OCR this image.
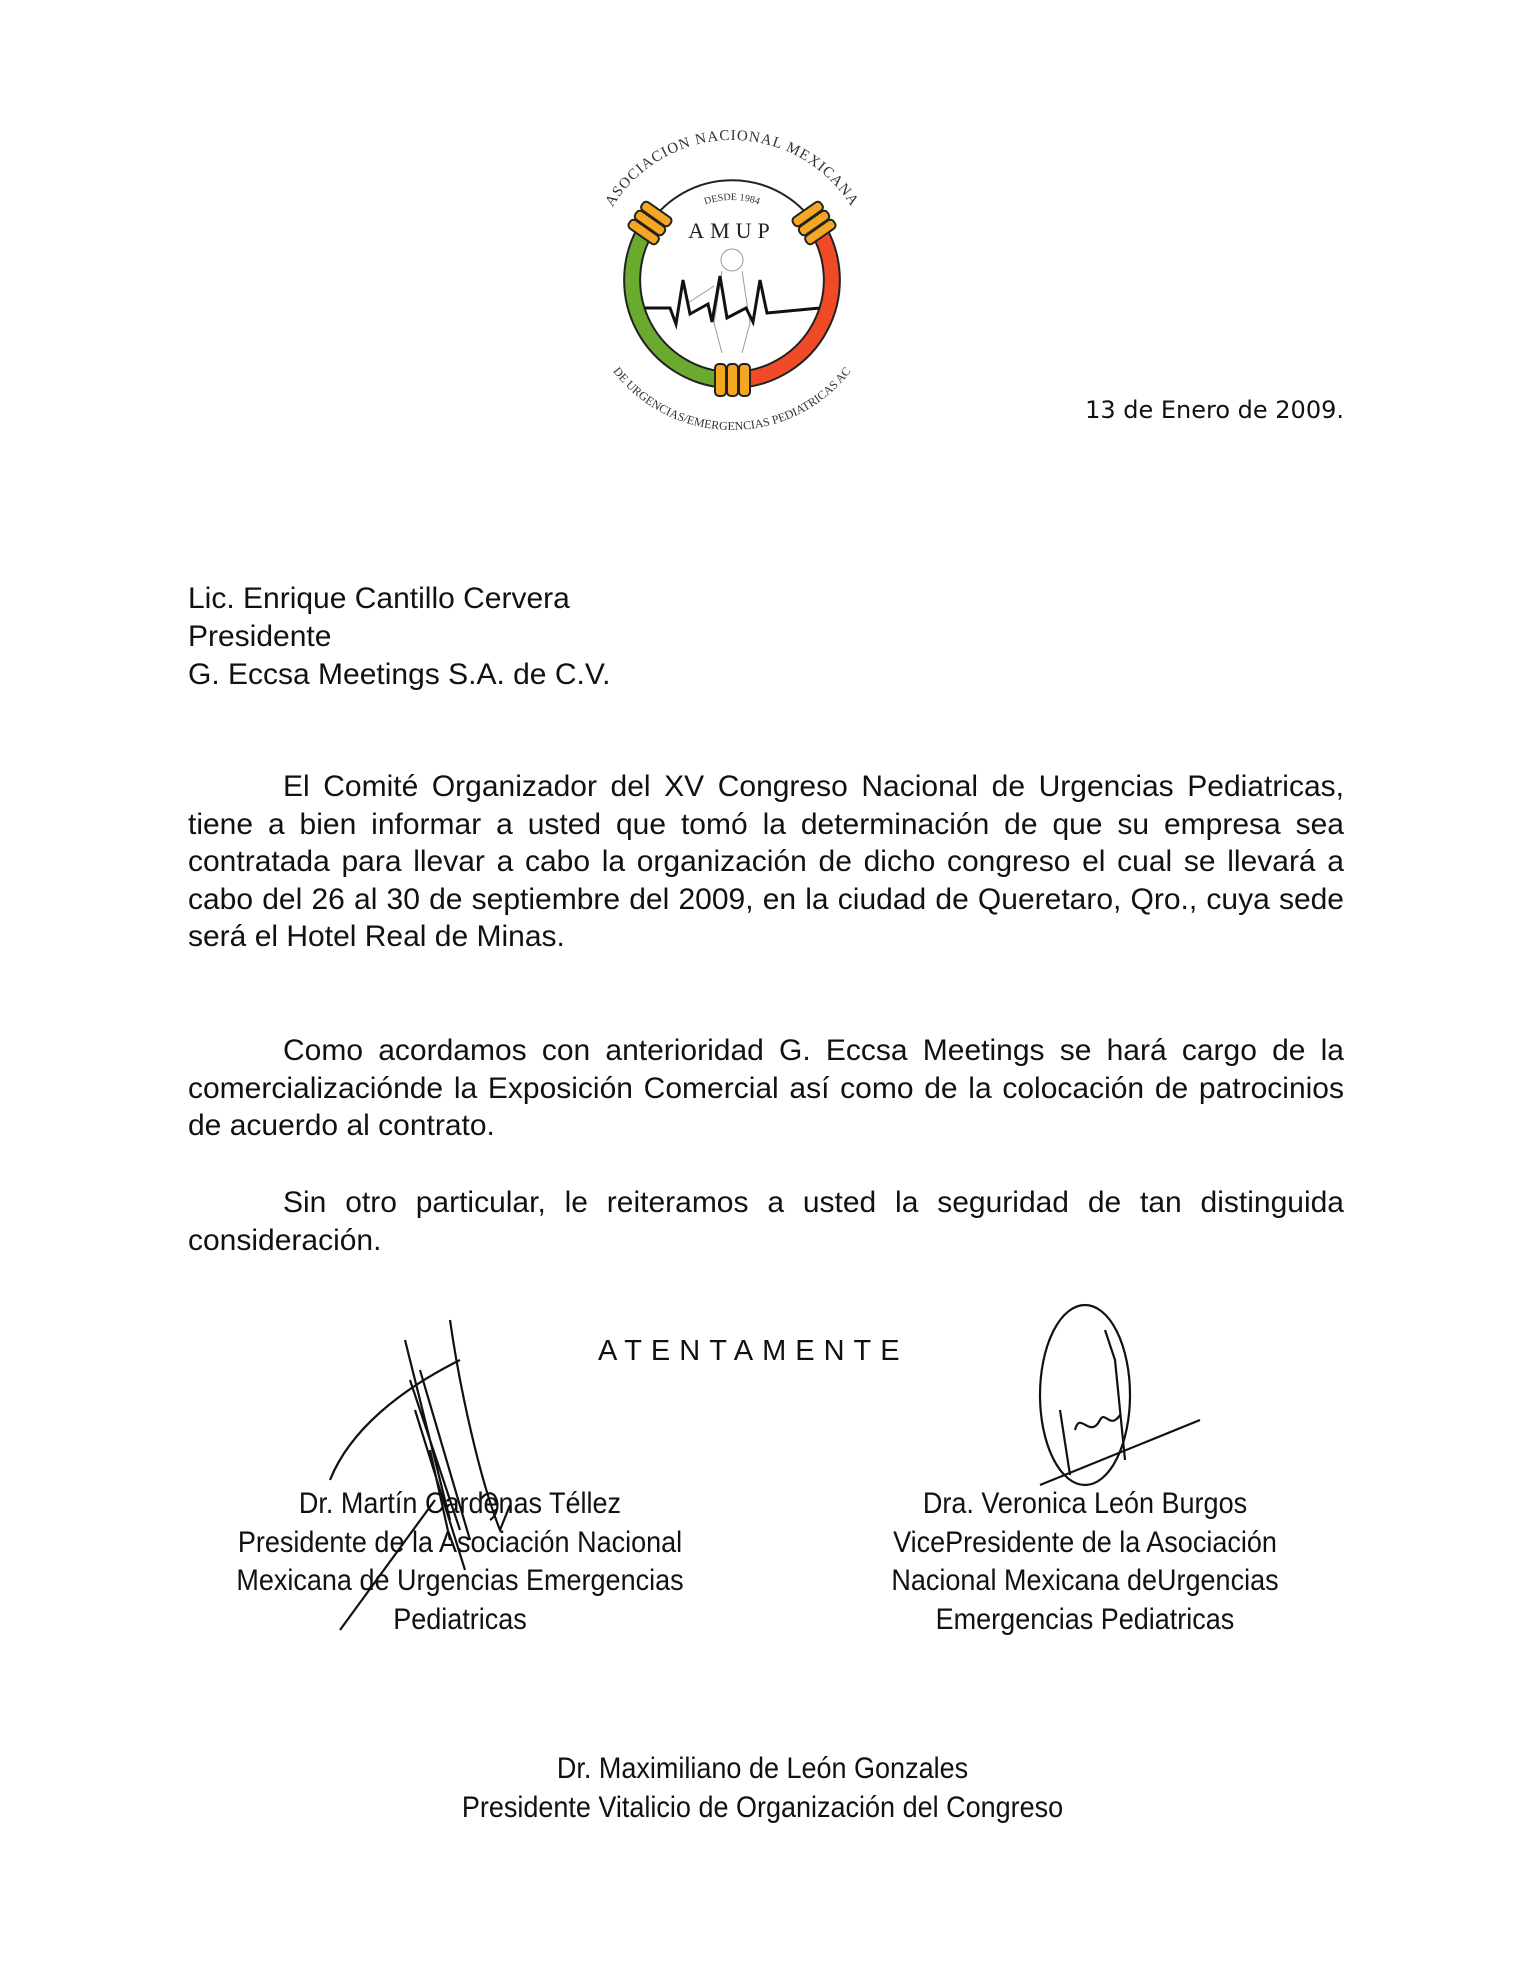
ASOCIACION NACIONAL MEXICANA
DESDE 1984
DE URGENCIAS/EMERGENCIAS PEDIATRICAS AC
AMUP
13 de Enero de 2009.
Lic. Enrique Cantillo Cervera
Presidente
G. Eccsa Meetings S.A. de C.V.
El Comité Organizador del XV Congreso Nacional de Urgencias Pediatricas, tiene a bien informar a usted que tomó la determinación de que su empresa sea contratada para llevar a cabo la organización de dicho congreso el cual se llevará a cabo del 26 al 30 de septiembre del 2009, en la ciudad de Queretaro, Qro., cuya sede será el Hotel Real de Minas.
Como acordamos con anterioridad G. Eccsa Meetings se hará cargo de la comercializaciónde la Exposición Comercial así como de la colocación de patrocinios de acuerdo al contrato.
Sin otro particular, le reiteramos a usted la seguridad de tan distinguida consideración.
ATENTAMENTE
Dr. Martín Cardenas Téllez
Presidente de la Asociación Nacional
Mexicana de Urgencias Emergencias
Pediatricas
Dra. Veronica León Burgos
VicePresidente de la Asociación
Nacional Mexicana deUrgencias
Emergencias Pediatricas
Dr. Maximiliano de León Gonzales
Presidente Vitalicio de Organización del Congreso
